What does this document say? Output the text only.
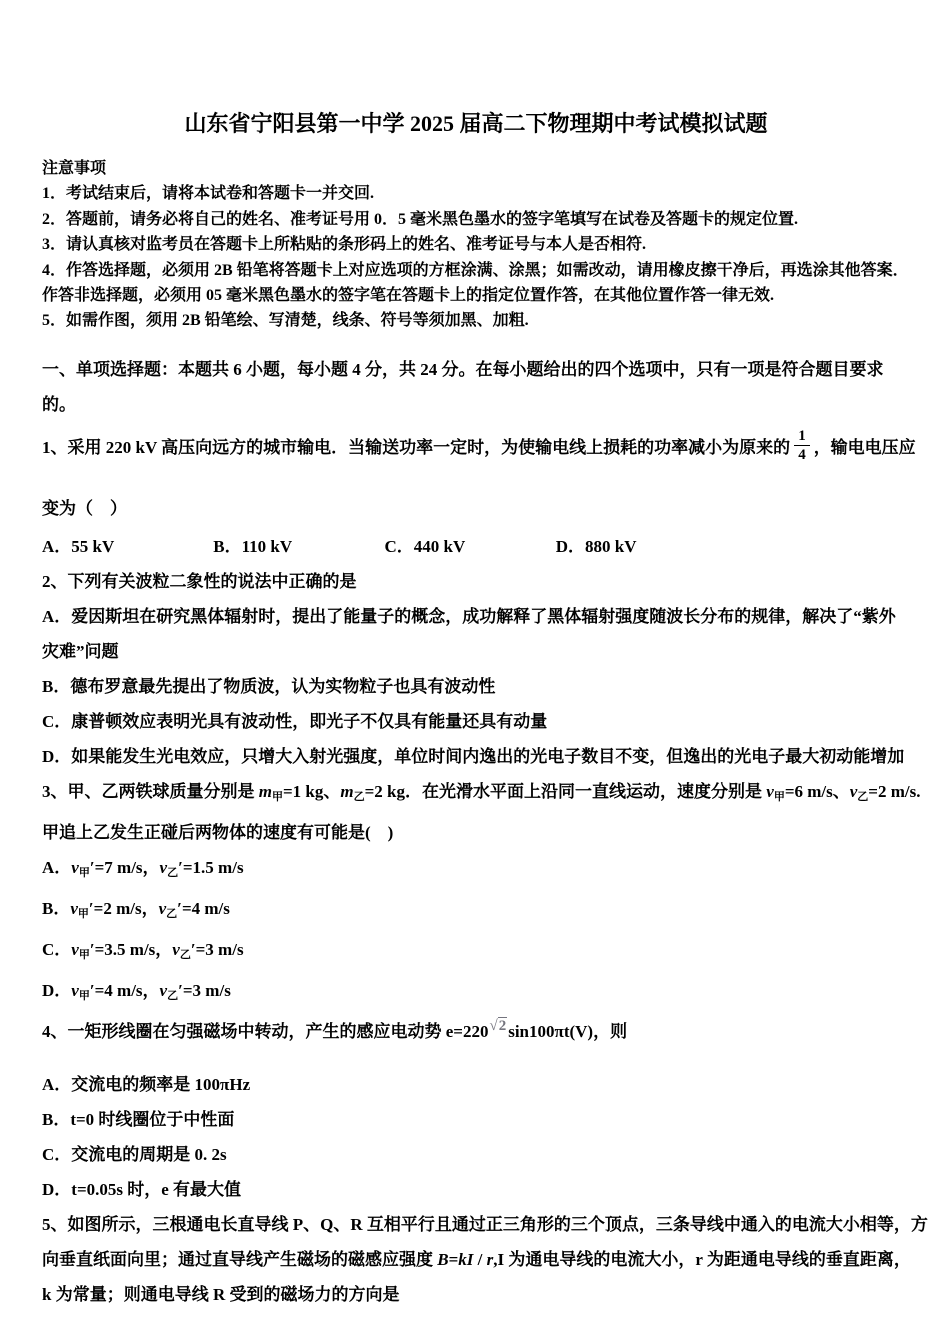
山东省宁阳县第一中学 2025 届高二下物理期中考试模拟试题

注意事项

1．考试结束后，请将本试卷和答题卡一并交回.

2．答题前，请务必将自己的姓名、准考证号用 0．5 毫米黑色墨水的签字笔填写在试卷及答题卡的规定位置.

3．请认真核对监考员在答题卡上所粘贴的条形码上的姓名、准考证号与本人是否相符.

4．作答选择题，必须用 2B 铅笔将答题卡上对应选项的方框涂满、涂黑；如需改动，请用橡皮擦干净后，再选涂其他答案．作答非选择题，必须用 05 毫米黑色墨水的签字笔在答题卡上的指定位置作答，在其他位置作答一律无效.

5．如需作图，须用 2B 铅笔绘、写清楚，线条、符号等须加黑、加粗.

一、单项选择题：本题共 6 小题，每小题 4 分，共 24 分。在每小题给出的四个选项中，只有一项是符合题目要求的。
1、采用 220 kV 高压向远方的城市输电．当输送功率一定时，为使输电线上损耗的功率减小为原来的 $\frac{1}{4}$ ，输电电压应
变为（　）
A．55 kV	B．110 kV	C．440 kV	D．880 kV
2、下列有关波粒二象性的说法中正确的是

A．爱因斯坦在研究黑体辐射时，提出了能量子的概念，成功解释了黑体辐射强度随波长分布的规律，解决了“紫外灾难”问题

B．德布罗意最先提出了物质波，认为实物粒子也具有波动性
C．康普顿效应表明光具有波动性，即光子不仅具有能量还具有动量
D．如果能发生光电效应，只增大入射光强度，单位时间内逸出的光电子数目不变，但逸出的光电子最大初动能增加
3、甲、乙两铁球质量分别是 m甲=1 kg、m乙=2 kg．在光滑水平面上沿同一直线运动，速度分别是 v甲=6 m/s、v乙=2 m/s.
甲追上乙发生正碰后两物体的速度有可能是(　)
A．v甲′=7 m/s，v乙′=1.5 m/s
B．v甲′=2 m/s，v乙′=4 m/s
C．v甲′=3.5 m/s，v乙′=3 m/s
D．v甲′=4 m/s，v乙′=3 m/s
4、一矩形线圈在匀强磁场中转动，产生的感应电动势 e=220√2 sin100πt(V)，则
A．交流电的频率是 100πHz
B．t=0 时线圈位于中性面
C．交流电的周期是 0. 2s
D．t=0.05s 时，e 有最大值
5、如图所示，三根通电长直导线 P、Q、R 互相平行且通过正三角形的三个顶点，三条导线中通入的电流大小相等，方
向垂直纸面向里；通过直导线产生磁场的磁感应强度 B=kI / r,I 为通电导线的电流大小，r 为距通电导线的垂直距离，
k 为常量；则通电导线 R 受到的磁场力的方向是
